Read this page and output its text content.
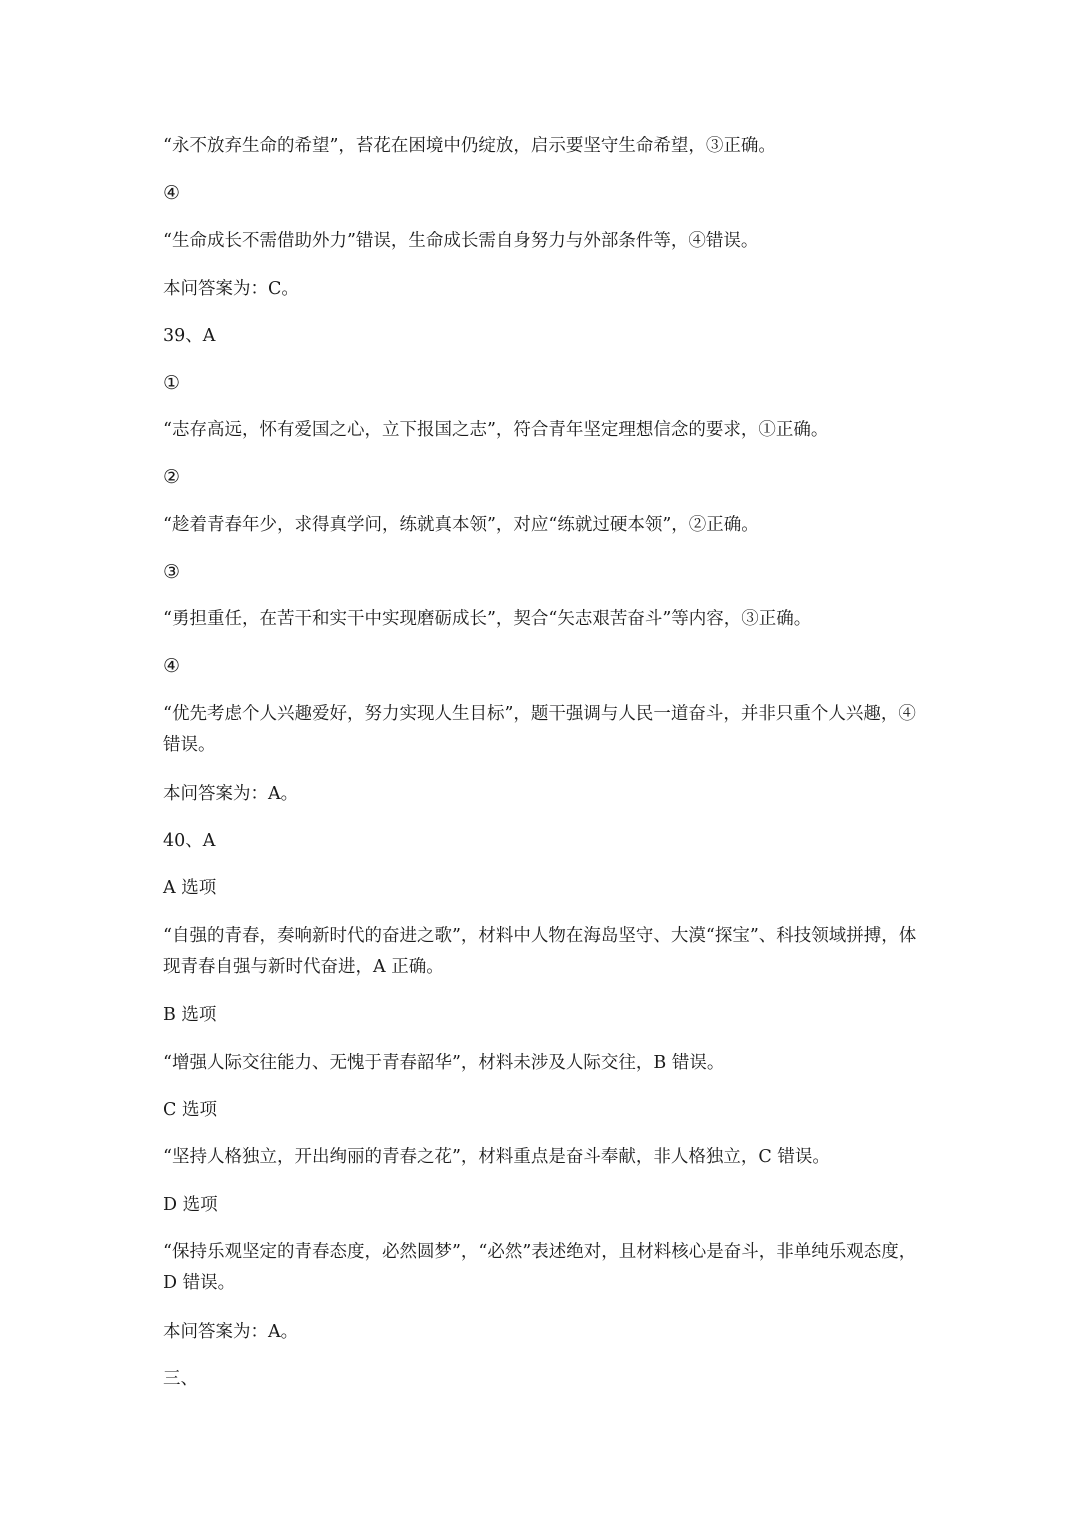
“永不放弃生命的希望”，苔花在困境中仍绽放，启示要坚守生命希望，③正确。

④

“生命成长不需借助外力”错误，生命成长需自身努力与外部条件等，④错误。

本问答案为：C。

39、A

①

“志存高远，怀有爱国之心，立下报国之志”，符合青年坚定理想信念的要求，①正确。

②

“趁着青春年少，求得真学问，练就真本领”，对应“练就过硬本领”，②正确。

③

“勇担重任，在苦干和实干中实现磨砺成长”，契合“矢志艰苦奋斗”等内容，③正确。

④

“优先考虑个人兴趣爱好，努力实现人生目标”，题干强调与人民一道奋斗，并非只重个人兴趣，④错误。

本问答案为：A。

40、A

A 选项

“自强的青春，奏响新时代的奋进之歌”，材料中人物在海岛坚守、大漠“探宝”、科技领域拼搏，体现青春自强与新时代奋进，A 正确。

B 选项

“增强人际交往能力、无愧于青春韶华”，材料未涉及人际交往，B 错误。

C 选项

“坚持人格独立，开出绚丽的青春之花”，材料重点是奋斗奉献，非人格独立，C 错误。

D 选项

“保持乐观坚定的青春态度，必然圆梦”，“必然”表述绝对，且材料核心是奋斗，非单纯乐观态度，D 错误。

本问答案为：A。

三、
